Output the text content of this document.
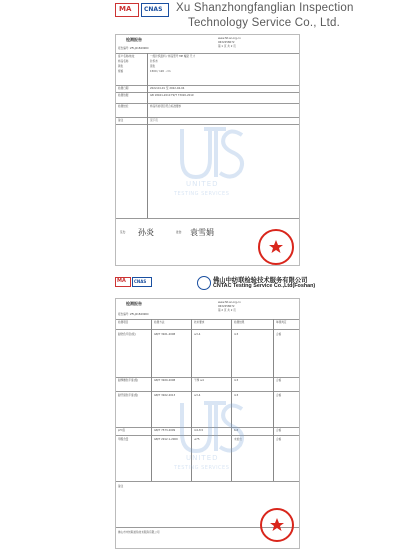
MA CNAS Xu Shanzhongfanglian Inspection
Technology Service Co., Ltd.
检测报告	www.fzt.sz.org.cn
0632258672
第 1 页 共 2 页
报告编号： ZFLJ2184990C
客户名称/地址	一级针织面料 / 样品型号 MP 幅宽 尺寸
样品名称	针织布
颜色	黑色
规格	1500 / 120 · cm
检测日期	2022-04-01 至 2022-04-04
检测依据	GB 18401-2010 FZ/T 73020-2019
检测结论	样品所检项目符合标准要求
备注	见下页
UNITED
TESTING SERVICES
签发： 孙炎	批准： 袁雪娟
MA CNAS	佛山中纺联检验技术服务有限公司
CNTAC Testing Service Co.,Ltd(Foshan)
检测报告	www.fzt.sz.org.cn
0632258672
第 2 页 共 2 页
报告编号： ZFLJ2184990C
检测项目	检测方法	技术要求	检测结果	单项判定
耐洗色牢度(级)	GB/T 3921-2008	≥3-4	4-5	合格
耐摩擦色牢度(级)	GB/T 3920-2008	干摩 ≥4	4-5	合格
耐汗渍色牢度(级)	GB/T 3922-2013	≥3-4	4-5	合格
pH 值	GB/T 7573-2009	4.0-8.5	6.8	合格
甲醛含量	GB/T 2912.1-2009	≤75	未检出	合格
备注
佛山市中纺联检验技术服务有限公司
UNITED
TESTING SERVICES
